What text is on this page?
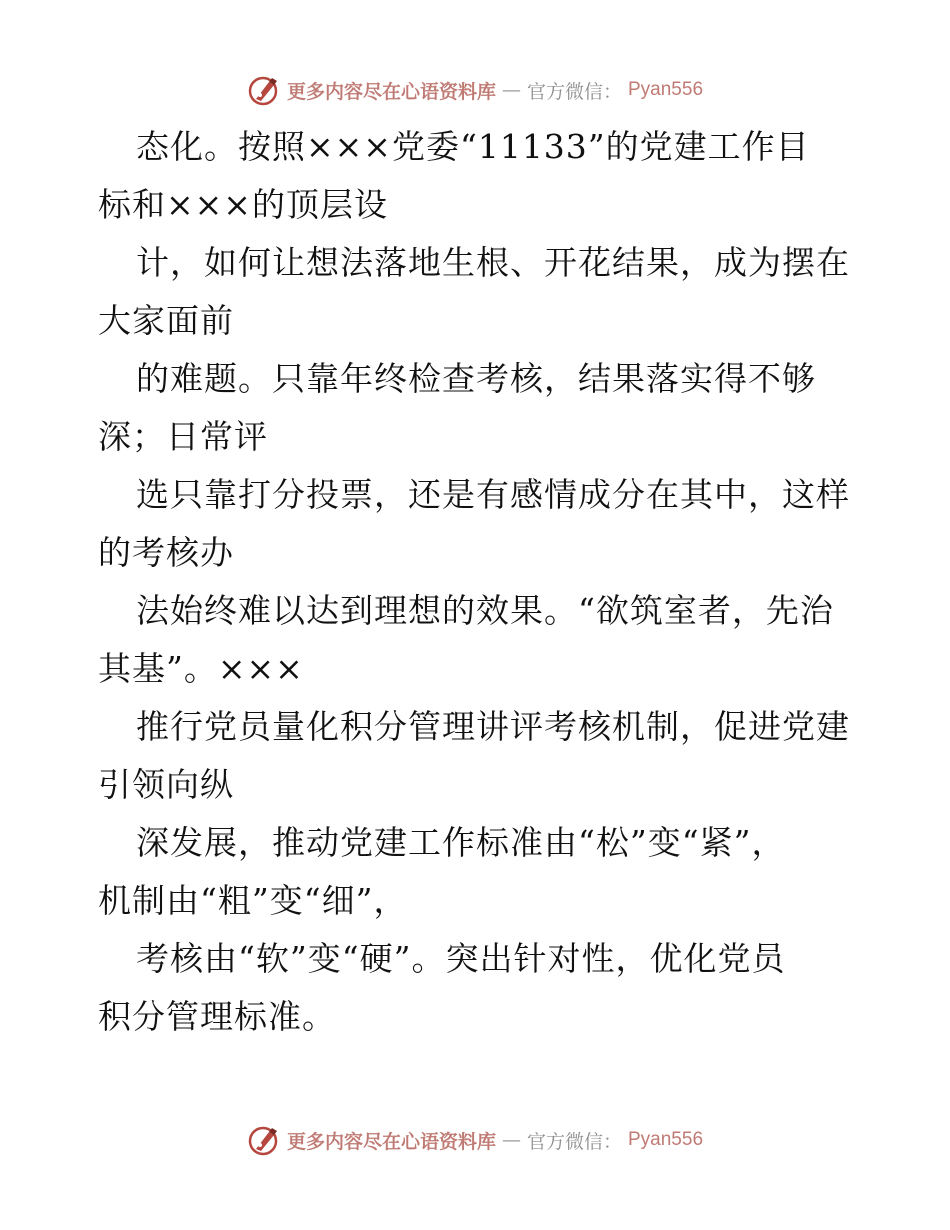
更多内容尽在心语资料库 — 官方微信： Pyan556
态化。按照×××党委“11133”的党建工作目
标和×××的顶层设
计，如何让想法落地生根、开花结果，成为摆在
大家面前
的难题。只靠年终检查考核，结果落实得不够
深；日常评
选只靠打分投票，还是有感情成分在其中，这样
的考核办
法始终难以达到理想的效果。“欲筑室者，先治
其基”。×××
推行党员量化积分管理讲评考核机制，促进党建
引领向纵
深发展，推动党建工作标准由“松”变“紧”，
机制由“粗”变“细”，
考核由“软”变“硬”。突出针对性，优化党员
积分管理标准。
更多内容尽在心语资料库 — 官方微信： Pyan556
